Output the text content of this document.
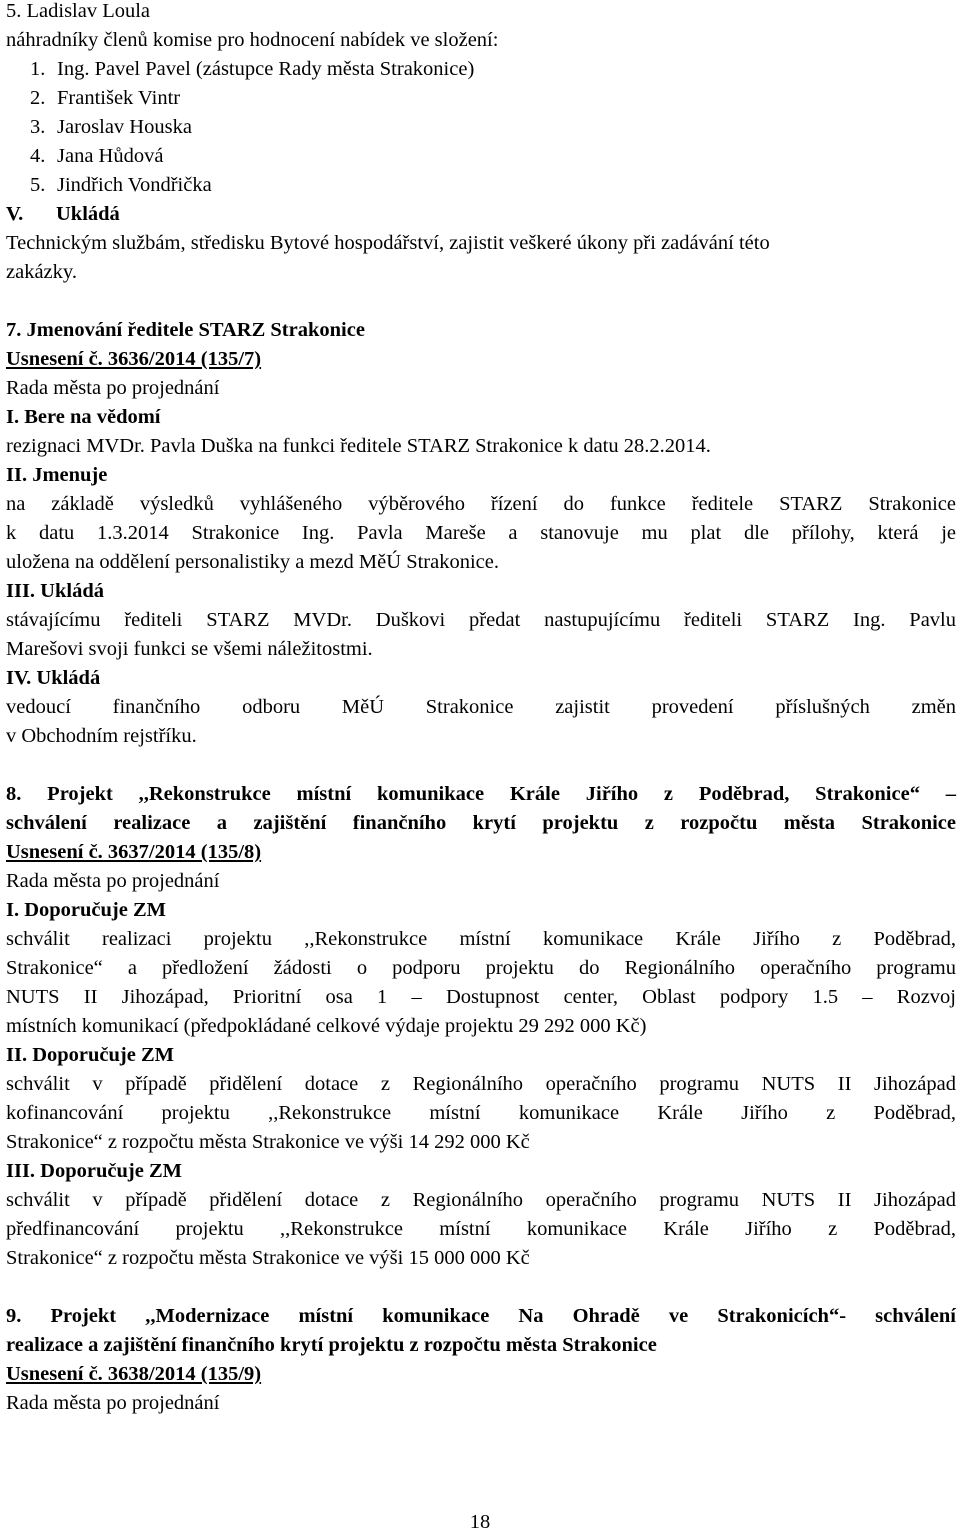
5. Ladislav Loula
náhradníky členů komise pro hodnocení nabídek ve složení:
1. Ing. Pavel Pavel (zástupce Rady města Strakonice)
2. František Vintr
3. Jaroslav Houska
4. Jana Hůdová
5. Jindřich Vondřička
V. Ukládá
Technickým službám, středisku Bytové hospodářství, zajistit veškeré úkony při zadávání této
zakázky.
7. Jmenování ředitele STARZ Strakonice
Usnesení č. 3636/2014 (135/7)
Rada města po projednání
I. Bere na vědomí
rezignaci MVDr. Pavla Duška na funkci ředitele STARZ Strakonice k datu 28.2.2014.
II. Jmenuje
na základě výsledků vyhlášeného výběrového řízení do funkce ředitele STARZ Strakonice
k datu 1.3.2014 Strakonice Ing. Pavla Mareše a stanovuje mu plat dle přílohy, která je
uložena na oddělení personalistiky a mezd MěÚ Strakonice.
III. Ukládá
stávajícímu řediteli STARZ MVDr. Duškovi předat nastupujícímu řediteli STARZ Ing. Pavlu
Marešovi svoji funkci se všemi náležitostmi.
IV. Ukládá
vedoucí finančního odboru MěÚ Strakonice zajistit provedení příslušných změn
v Obchodním rejstříku.
8. Projekt ,,Rekonstrukce místní komunikace Krále Jiřího z Poděbrad, Strakonice“ –
schválení realizace a zajištění finančního krytí projektu z rozpočtu města Strakonice
Usnesení č. 3637/2014 (135/8)
Rada města po projednání
I. Doporučuje ZM
schválit realizaci projektu ,,Rekonstrukce místní komunikace Krále Jiřího z Poděbrad,
Strakonice“ a předložení žádosti o podporu projektu do Regionálního operačního programu
NUTS II Jihozápad, Prioritní osa 1 – Dostupnost center, Oblast podpory 1.5 – Rozvoj
místních komunikací (předpokládané celkové výdaje projektu 29 292 000 Kč)
II. Doporučuje ZM
schválit v případě přidělení dotace z Regionálního operačního programu NUTS II Jihozápad
kofinancování projektu ,,Rekonstrukce místní komunikace Krále Jiřího z Poděbrad,
Strakonice“ z rozpočtu města Strakonice ve výši 14 292 000 Kč
III. Doporučuje ZM
schválit v případě přidělení dotace z Regionálního operačního programu NUTS II Jihozápad
předfinancování projektu ,,Rekonstrukce místní komunikace Krále Jiřího z Poděbrad,
Strakonice“ z rozpočtu města Strakonice ve výši 15 000 000 Kč
9. Projekt ,,Modernizace místní komunikace Na Ohradě ve Strakonicích“- schválení
realizace a zajištění finančního krytí projektu z rozpočtu města Strakonice
Usnesení č. 3638/2014 (135/9)
Rada města po projednání
18
